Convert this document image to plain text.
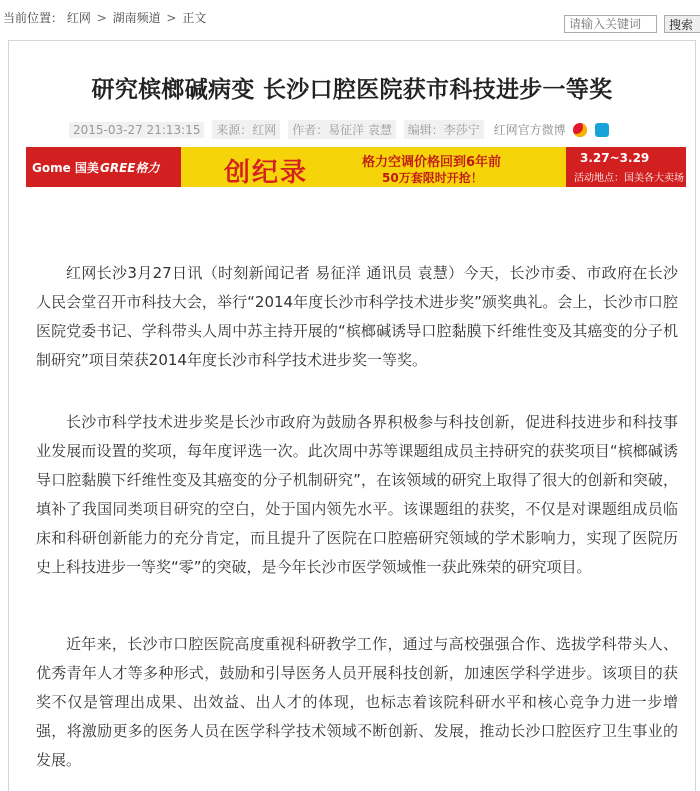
当前位置： 红网 > 湖南频道 > 正文
请输入关键词	搜索
研究槟榔碱病变 长沙口腔医院获市科技进步一等奖
2015-03-27 21:13:15 来源：红网 作者：易征洋 袁慧 编辑：李莎宁 红网官方微博
Gome 国美 GREE格力 创纪录	格力空调价格回到6年前
50万套限时开抢！
3.27~3.29
活动地点：国美各大卖场

红网长沙3月27日讯（时刻新闻记者 易征洋 通讯员 袁慧）今天，长沙市委、市政府在长沙人民会堂召开市科技大会，举行“2014年度长沙市科学技术进步奖”颁奖典礼。会上，长沙市口腔医院党委书记、学科带头人周中苏主持开展的“槟榔碱诱导口腔黏膜下纤维性变及其癌变的分子机制研究”项目荣获2014年度长沙市科学技术进步奖一等奖。

长沙市科学技术进步奖是长沙市政府为鼓励各界积极参与科技创新，促进科技进步和科技事业发展而设置的奖项，每年度评选一次。此次周中苏等课题组成员主持研究的获奖项目“槟榔碱诱导口腔黏膜下纤维性变及其癌变的分子机制研究”，在该领域的研究上取得了很大的创新和突破，填补了我国同类项目研究的空白，处于国内领先水平。该课题组的获奖，不仅是对课题组成员临床和科研创新能力的充分肯定，而且提升了医院在口腔癌研究领域的学术影响力，实现了医院历史上科技进步一等奖“零”的突破，是今年长沙市医学领域惟一获此殊荣的研究项目。

近年来，长沙市口腔医院高度重视科研教学工作，通过与高校强强合作、选拔学科带头人、优秀青年人才等多种形式，鼓励和引导医务人员开展科技创新，加速医学科学进步。该项目的获奖不仅是管理出成果、出效益、出人才的体现，也标志着该院科研水平和核心竞争力进一步增强，将激励更多的医务人员在医学科学技术领域不断创新、发展，推动长沙口腔医疗卫生事业的发展。
